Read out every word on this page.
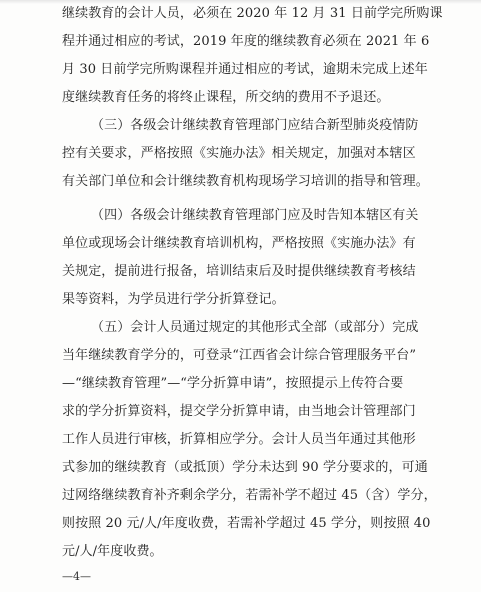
继续教育的会计人员，必须在 2020 年 12 月 31 日前学完所购课
程并通过相应的考试，2019 年度的继续教育必须在 2021 年 6
月 30 日前学完所购课程并通过相应的考试，逾期未完成上述年
度继续教育任务的将终止课程，所交纳的费用不予退还。
（三）各级会计继续教育管理部门应结合新型肺炎疫情防
控有关要求，严格按照《实施办法》相关规定，加强对本辖区
有关部门单位和会计继续教育机构现场学习培训的指导和管理。
（四）各级会计继续教育管理部门应及时告知本辖区有关
单位或现场会计继续教育培训机构，严格按照《实施办法》有
关规定，提前进行报备，培训结束后及时提供继续教育考核结
果等资料，为学员进行学分折算登记。
（五）会计人员通过规定的其他形式全部（或部分）完成
当年继续教育学分的，可登录“江西省会计综合管理服务平台”
—“继续教育管理”—“学分折算申请”，按照提示上传符合要
求的学分折算资料，提交学分折算申请，由当地会计管理部门
工作人员进行审核，折算相应学分。会计人员当年通过其他形
式参加的继续教育（或抵顶）学分未达到 90 学分要求的，可通
过网络继续教育补齐剩余学分，若需补学不超过 45（含）学分，
则按照 20 元/人/年度收费，若需补学超过 45 学分，则按照 40
元/人/年度收费。
—4—
